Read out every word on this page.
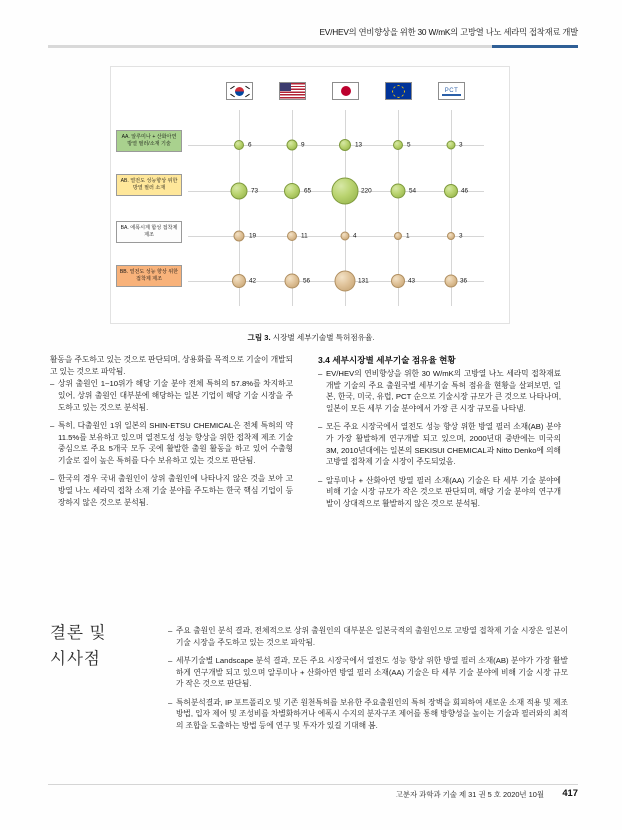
EV/HEV의 연비향상을 위한 30 W/mK의 고방열 나노 세라믹 접착재료 개발
PCT
AA. 알루미나 + 산화아연 방열 필러/소재 기술
AB. 열전도 성능향상 위한 방열 필러 소재
BA. 에폭시계 합성 접착제 제조
BB. 열전도 성능 향상 위한 접착제 제조
6	9	13	5	3
73	65	220	54	46
19	11	4	1	3
42	56	131	43	36
그림 3. 시장별 세부기술별 특허점유율.

활동을 주도하고 있는 것으로 판단되며, 상용화를 목적으로 기술이 개발되고 있는 것으로 파악됨.

– 상위 출원인 1~10위가 해당 기술 분야 전체 특허의 57.8%를 차지하고 있어, 상위 출원인 대부분에 해당하는 일본 기업이 해당 기술 시장을 주도하고 있는 것으로 분석됨.
– 특히, 다출원인 1위 일본의 SHIN-ETSU CHEMICAL은 전체 특허의 약 11.5%를 보유하고 있으며 열전도성 성능 향상을 위한 접착제 제조 기술 중심으로 주요 5개국 모두 곳에 활발한 출원 활동을 하고 있어 수출형 기술로 질이 높은 특허를 다수 보유하고 있는 것으로 판단됨.
– 한국의 경우 국내 출원인이 상위 출원인에 나타나지 않은 것을 보아 고방열 나노 세라믹 접착 소재 기술 분야를 주도하는 한국 핵심 기업이 등장하지 않은 것으로 분석됨.

3.4 세부시장별 세부기술 점유율 현황

– EV/HEV의 연비향상을 위한 30 W/mK의 고방열 나노 세라믹 접착재료 개발 기술의 주요 출원국별 세부기술 특허 점유율 현황을 살펴보면, 일본, 한국, 미국, 유럽, PCT 순으로 기술시장 규모가 큰 것으로 나타나며, 일본이 모든 세부 기술 분야에서 가장 큰 시장 규모를 나타냄.
– 모든 주요 시장국에서 열전도 성능 향상 위한 방열 필러 소재(AB) 분야가 가장 활발하게 연구개발 되고 있으며, 2000년대 중반에는 미국의 3M, 2010년대에는 일본의 SEKISUI CHEMICAL과 Nitto Denko에 의해 고방열 접착제 기술 시장이 주도되었음.
– 알루미나 + 산화아연 방열 필러 소재(AA) 기술은 타 세부 기술 분야에 비해 기술 시장 규모가 작은 것으로 판단되며, 해당 기술 분야의 연구개발이 상대적으로 활발하지 않은 것으로 분석됨.
결론 및
시사점
– 주요 출원인 분석 결과, 전체적으로 상위 출원인의 대부분은 일본국적의 출원인으로 고방열 접착제 기술 시장은 일본이 기술 시장을 주도하고 있는 것으로 파악됨.
– 세부기술별 Landscape 분석 결과, 모든 주요 시장국에서 열전도 성능 향상 위한 방열 필러 소재(AB) 분야가 가장 활발하게 연구개발 되고 있으며 알루미나 + 산화아연 방열 필러 소재(AA) 기술은 타 세부 기술 분야에 비해 기술 시장 규모가 작은 것으로 판단됨.
– 특허분석결과, IP 포트폴리오 및 기존 원천특허를 보유한 주요출원인의 특허 장벽을 회피하여 새로운 소재 적용 및 제조 방법, 입자 제어 및 조성비를 차별화하거나 에폭시 수지의 분자구조 제어를 통해 방향성을 높이는 기술과 필러와의 최적의 조합을 도출하는 방법 등에 연구 및 투자가 있길 기대해 봄.
고분자 과학과 기술 제 31 권 5 호 2020년 10월 417
